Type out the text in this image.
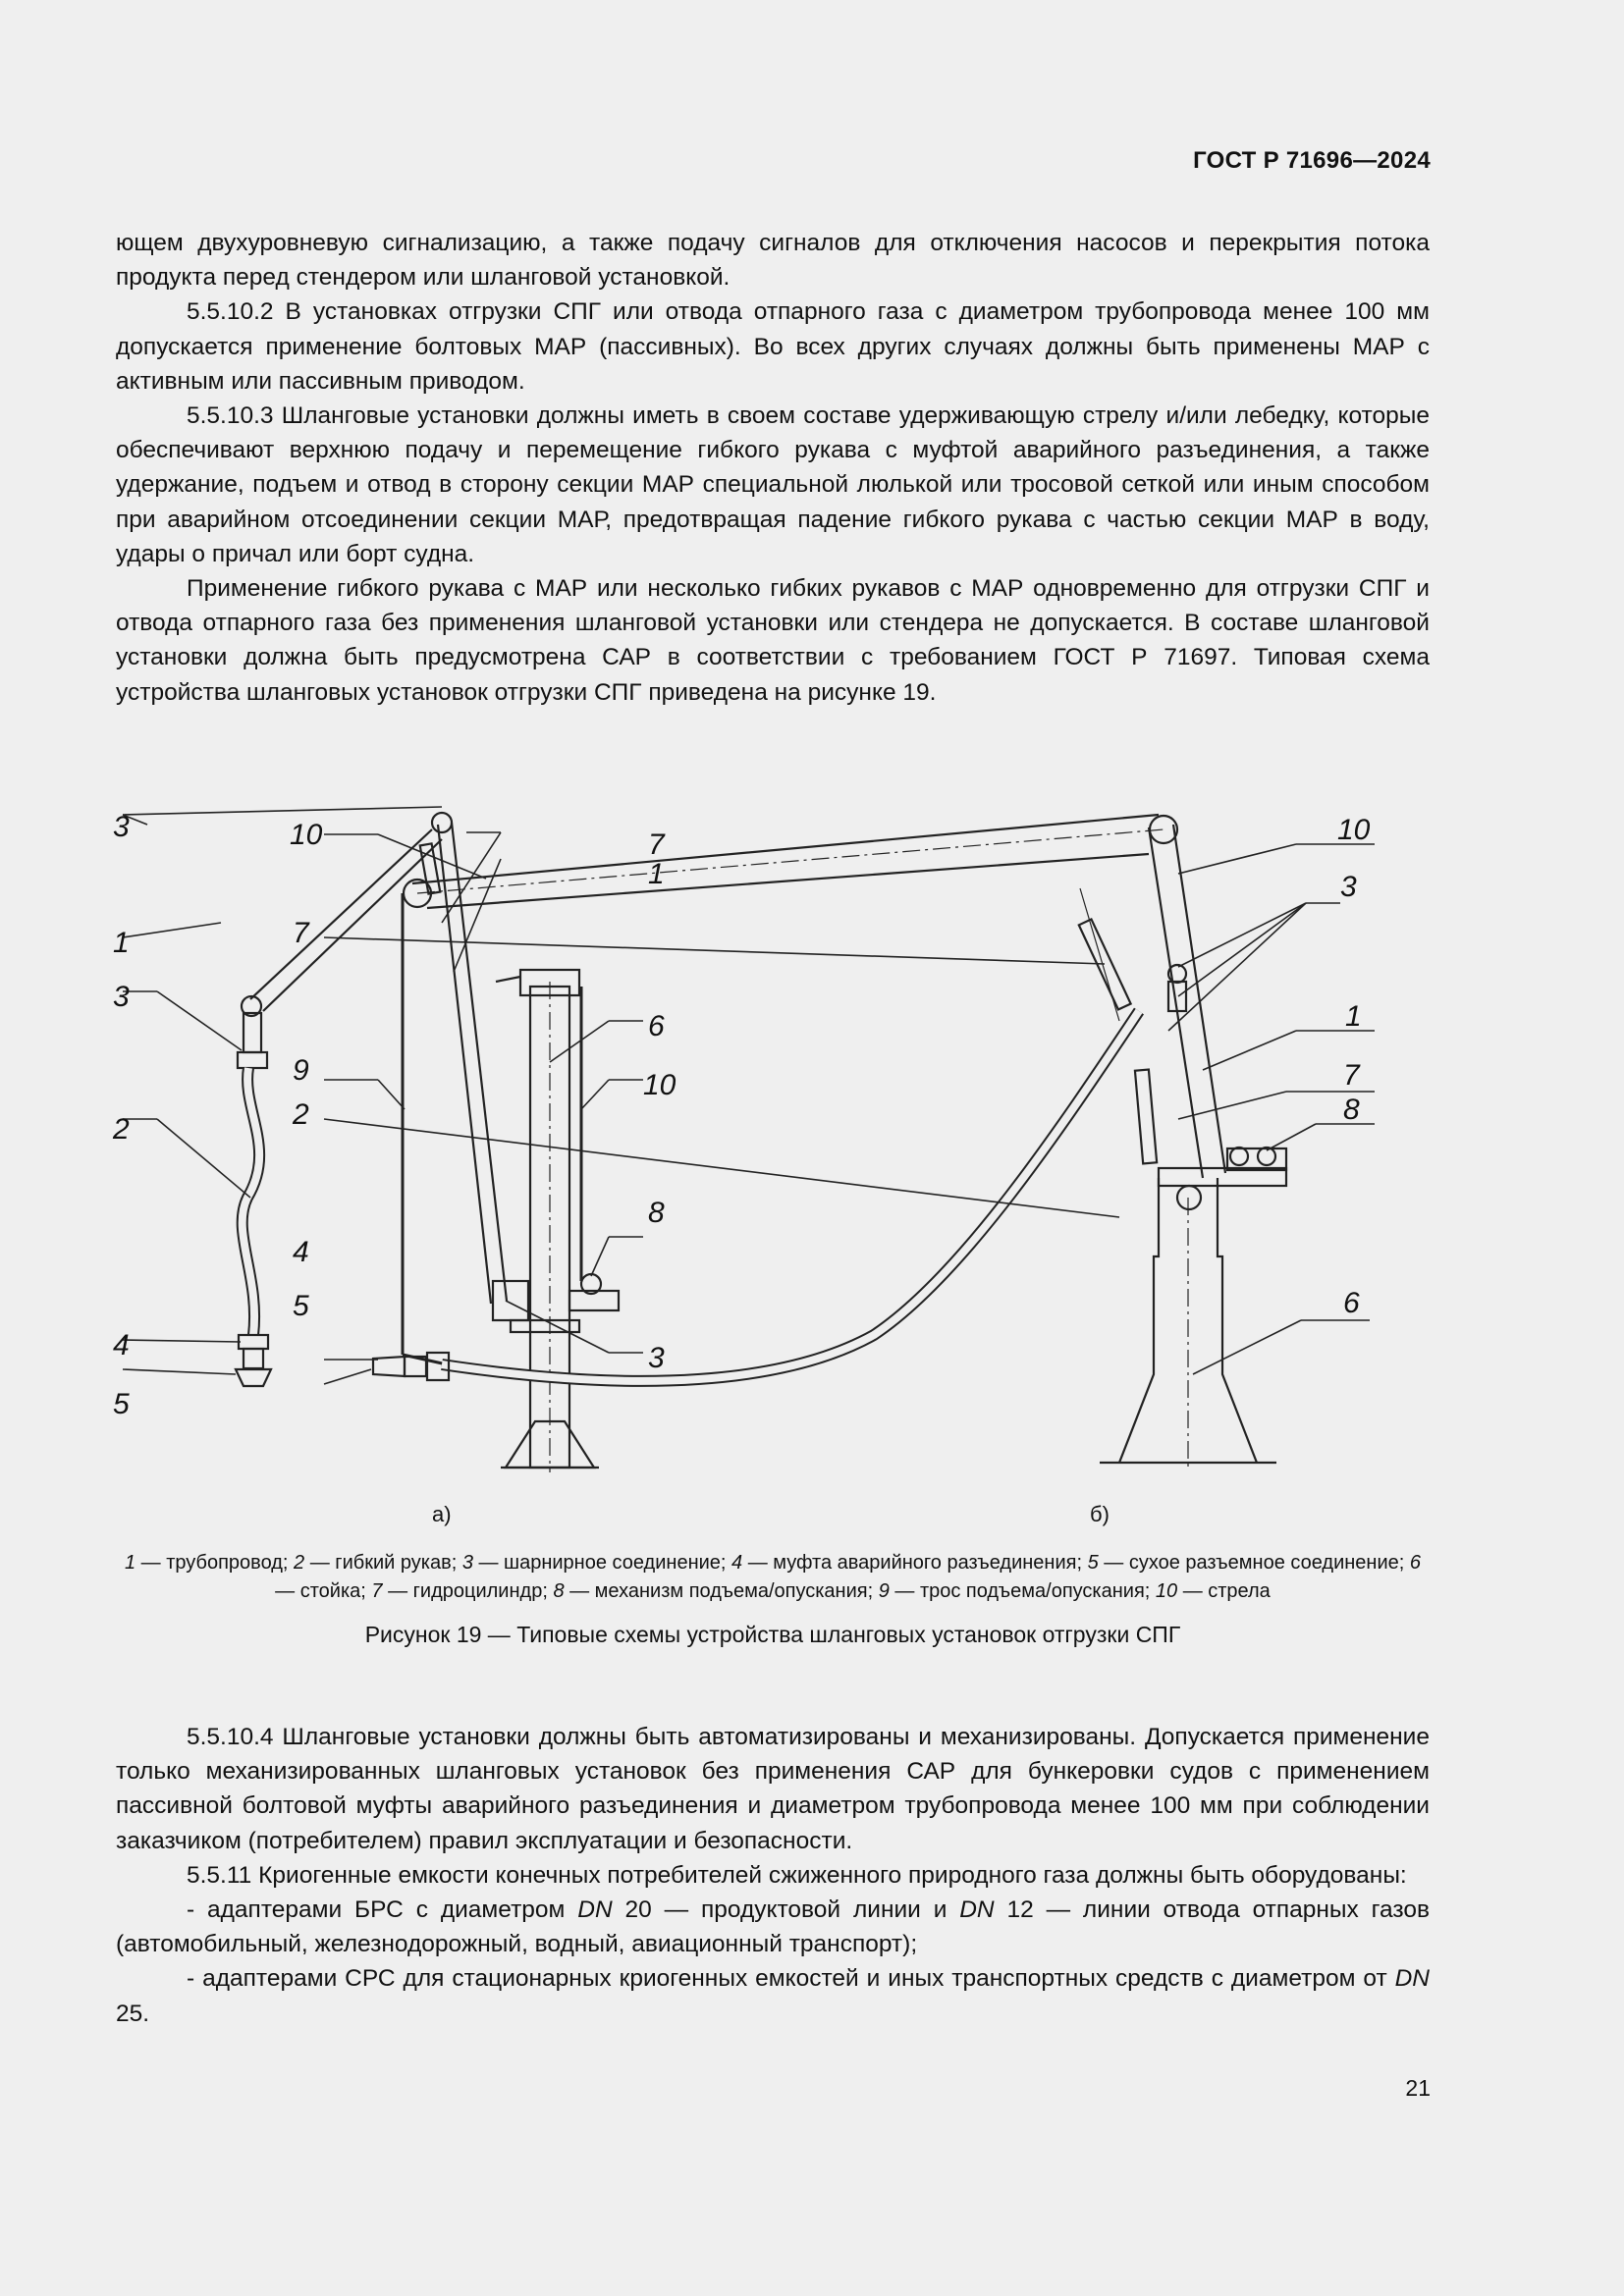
ГОСТ Р 71696—2024

ющем двухуровневую сигнализацию, а также подачу сигналов для отключения насосов и перекрытия потока продукта перед стендером или шланговой установкой.

5.5.10.2 В установках отгрузки СПГ или отвода отпарного газа с диаметром трубопровода менее 100 мм допускается применение болтовых МАР (пассивных). Во всех других случаях должны быть применены МАР с активным или пассивным приводом.

5.5.10.3 Шланговые установки должны иметь в своем составе удерживающую стрелу и/или лебедку, которые обеспечивают верхнюю подачу и перемещение гибкого рукава с муфтой аварийного разъединения, а также удержание, подъем и отвод в сторону секции МАР специальной люлькой или тросовой сеткой или иным способом при аварийном отсоединении секции МАР, предотвращая падение гибкого рукава с частью секции МАР в воду, удары о причал или борт судна.

Применение гибкого рукава с МАР или несколько гибких рукавов с МАР одновременно для отгрузки СПГ и отвода отпарного газа без применения шланговой установки или стендера не допускается. В составе шланговой установки должна быть предусмотрена САР в соответствии с требованием ГОСТ Р 71697. Типовая схема устройства шланговых установок отгрузки СПГ приведена на рисунке 19.

3
7
1
1
3
6
10
2
8
4	3
5
10	10
3
7
1
9	7
2	8
4
5	6
а)	б)
1 — трубопровод; 2 — гибкий рукав; 3 — шарнирное соединение; 4 — муфта аварийного разъединения; 5 — сухое разъемное соединение; 6 — стойка; 7 — гидроцилиндр; 8 — механизм подъема/опускания; 9 — трос подъема/опускания; 10 — стрела
Рисунок 19 — Типовые схемы устройства шланговых установок отгрузки СПГ

5.5.10.4 Шланговые установки должны быть автоматизированы и механизированы. Допускается применение только механизированных шланговых установок без применения САР для бункеровки судов с применением пассивной болтовой муфты аварийного разъединения и диаметром трубопровода менее 100 мм при соблюдении заказчиком (потребителем) правил эксплуатации и безопасности.

5.5.11 Криогенные емкости конечных потребителей сжиженного природного газа должны быть оборудованы:

- адаптерами БРС с диаметром DN 20 — продуктовой линии и DN 12 — линии отвода отпарных газов (автомобильный, железнодорожный, водный, авиационный транспорт);

- адаптерами СРС для стационарных криогенных емкостей и иных транспортных средств с диаметром от DN 25.

21
